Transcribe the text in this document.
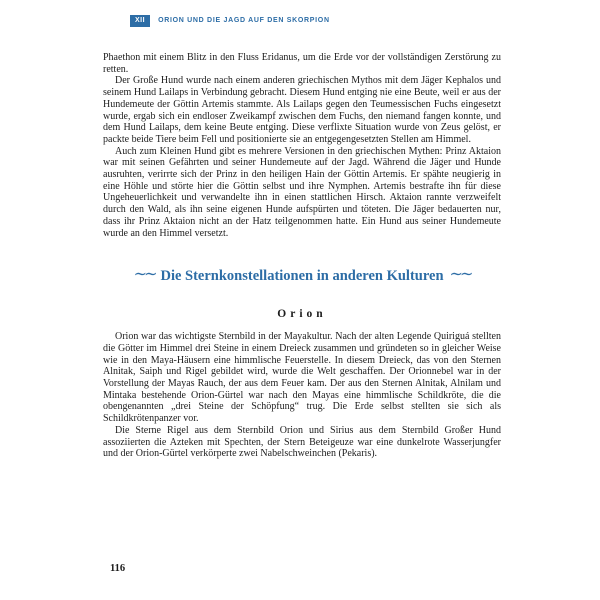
XII	ORION UND DIE JAGD AUF DEN SKORPION

Phaethon mit einem Blitz in den Fluss Eridanus, um die Erde vor der vollständigen Zerstörung zu retten.

Der Große Hund wurde nach einem anderen griechischen Mythos mit dem Jäger Kephalos und seinem Hund Lailaps in Verbindung gebracht. Diesem Hund entging nie eine Beute, weil er aus der Hundemeute der Göttin Artemis stammte. Als Lailaps gegen den Teumessischen Fuchs eingesetzt wurde, ergab sich ein endloser Zweikampf zwischen dem Fuchs, den niemand fangen konnte, und dem Hund Lailaps, dem keine Beute entging. Diese verflixte Situation wurde von Zeus gelöst, er packte beide Tiere beim Fell und positionierte sie an entgegengesetzten Stellen am Himmel.

Auch zum Kleinen Hund gibt es mehrere Versionen in den griechischen Mythen: Prinz Aktaion war mit seinen Gefährten und seiner Hundemeute auf der Jagd. Während die Jäger und Hunde ausruhten, verirrte sich der Prinz in den heiligen Hain der Göttin Artemis. Er spähte neugierig in eine Höhle und störte hier die Göttin selbst und ihre Nymphen. Artemis bestrafte ihn für diese Ungeheuerlichkeit und verwandelte ihn in einen stattlichen Hirsch. Aktaion rannte verzweifelt durch den Wald, als ihn seine eigenen Hunde aufspürten und töteten. Die Jäger bedauerten nur, dass ihr Prinz Aktaion nicht an der Hatz teilgenommen hatte. Ein Hund aus seiner Hundemeute wurde an den Himmel versetzt.

∼∼ Die Sternkonstellationen in anderen Kulturen ∼∼
Orion

Orion war das wichtigste Sternbild in der Mayakultur. Nach der alten Legende Quiriguá stellten die Götter im Himmel drei Steine in einem Dreieck zusammen und gründeten so in gleicher Weise wie in den Maya-Häusern eine himmlische Feuerstelle. In diesem Dreieck, das von den Sternen Alnitak, Saiph und Rigel gebildet wird, wurde die Welt geschaffen. Der Orionnebel war in der Vorstellung der Mayas Rauch, der aus dem Feuer kam. Der aus den Sternen Alnitak, Alnilam und Mintaka bestehende Orion-Gürtel war nach den Mayas eine himmlische Schildkröte, die die obengenannten „drei Steine der Schöpfung“ trug. Die Erde selbst stellten sie sich als Schildkrötenpanzer vor.

Die Sterne Rigel aus dem Sternbild Orion und Sirius aus dem Sternbild Großer Hund assoziierten die Azteken mit Spechten, der Stern Beteigeuze war eine dunkelrote Wasserjungfer und der Orion-Gürtel verkörperte zwei Nabelschweinchen (Pekaris).

116
